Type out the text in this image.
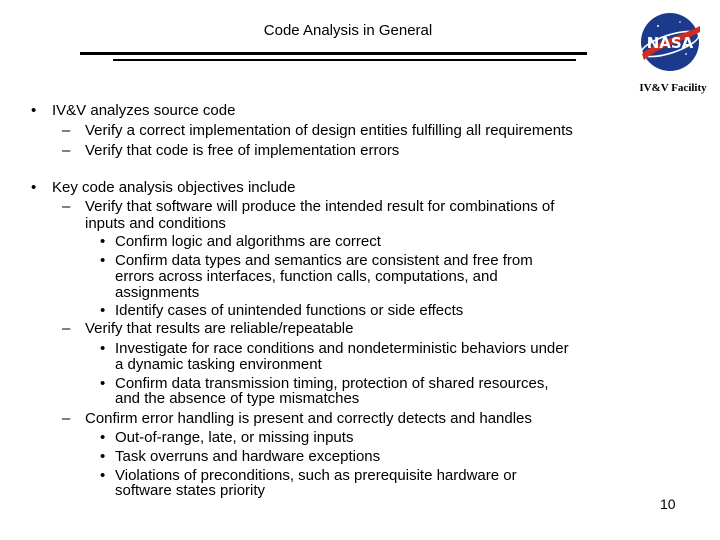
Code Analysis in General
NASA
IV&V Facility
• IV&V analyzes source code
– Verify a correct implementation of design entities fulfilling all requirements
– Verify that code is free of implementation errors
• Key code analysis objectives include
– Verify that software will produce the intended result for combinations of
inputs and conditions
• Confirm logic and algorithms are correct
• Confirm data types and semantics are consistent and free from
errors across interfaces, function calls, computations, and
assignments
• Identify cases of unintended functions or side effects
– Verify that results are reliable/repeatable
• Investigate for race conditions and nondeterministic behaviors under
a dynamic tasking environment
• Confirm data transmission timing, protection of shared resources,
and the absence of type mismatches
– Confirm error handling is present and correctly detects and handles
• Out-of-range, late, or missing inputs
• Task overruns and hardware exceptions
• Violations of preconditions, such as prerequisite hardware or
software states priority
10
